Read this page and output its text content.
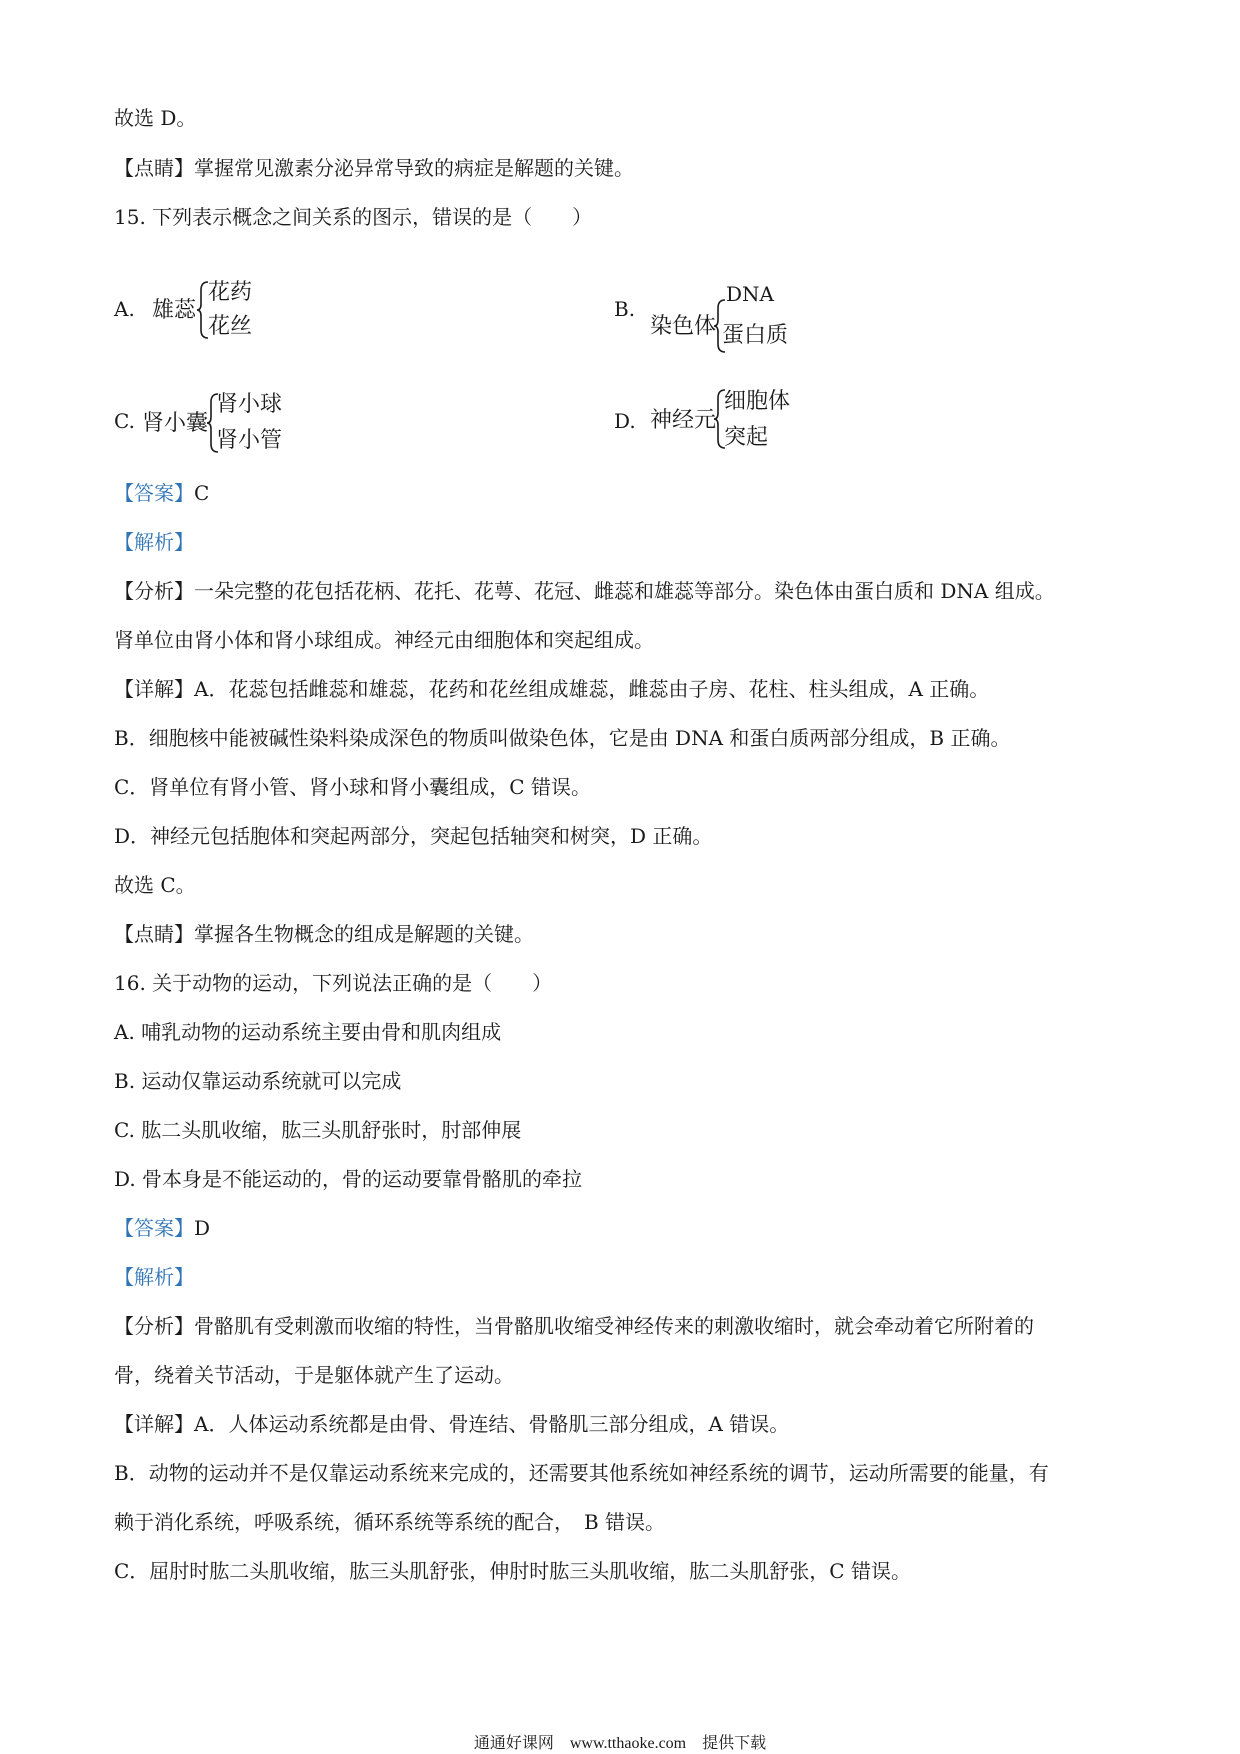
故选 D。
【点睛】掌握常见激素分泌异常导致的病症是解题的关键。
15. 下列表示概念之间关系的图示，错误的是（　　）
A. 雄蕊
花药
花丝
B.
染色体
DNA
蛋白质
C. 肾小囊
肾小球
肾小管
D. 神经元
细胞体
突起
【答案】C
【解析】
【分析】一朵完整的花包括花柄、花托、花萼、花冠、雌蕊和雄蕊等部分。染色体由蛋白质和 DNA 组成。
肾单位由肾小体和肾小球组成。神经元由细胞体和突起组成。
【详解】A．花蕊包括雌蕊和雄蕊，花药和花丝组成雄蕊，雌蕊由子房、花柱、柱头组成，A 正确。
B．细胞核中能被碱性染料染成深色的物质叫做染色体，它是由 DNA 和蛋白质两部分组成，B 正确。
C．肾单位有肾小管、肾小球和肾小囊组成，C 错误。
D．神经元包括胞体和突起两部分，突起包括轴突和树突，D 正确。
故选 C。
【点睛】掌握各生物概念的组成是解题的关键。
16. 关于动物的运动，下列说法正确的是（　　）
A. 哺乳动物的运动系统主要由骨和肌肉组成
B. 运动仅靠运动系统就可以完成
C. 肱二头肌收缩，肱三头肌舒张时，肘部伸展
D. 骨本身是不能运动的，骨的运动要靠骨骼肌的牵拉
【答案】D
【解析】
【分析】骨骼肌有受刺激而收缩的特性，当骨骼肌收缩受神经传来的刺激收缩时，就会牵动着它所附着的
骨，绕着关节活动，于是躯体就产生了运动。
【详解】A．人体运动系统都是由骨、骨连结、骨骼肌三部分组成，A 错误。
B．动物的运动并不是仅靠运动系统来完成的，还需要其他系统如神经系统的调节，运动所需要的能量，有
赖于消化系统，呼吸系统，循环系统等系统的配合，　B 错误。
C．屈肘时肱二头肌收缩，肱三头肌舒张，伸肘时肱三头肌收缩，肱二头肌舒张，C 错误。
通通好课网　www.tthaoke.com　提供下载
